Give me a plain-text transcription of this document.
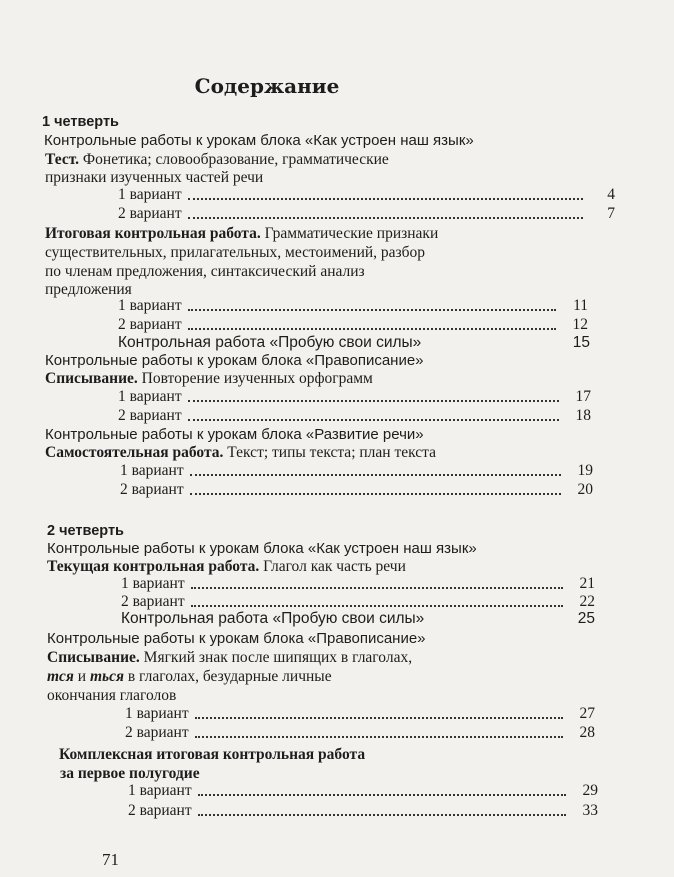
Содержание
1 четверть
Контрольные работы к урокам блока «Как устроен наш язык»
Тест. Фонетика; словообразование, грамматические
признаки изученных частей речи
1 вариант	4
2 вариант	7
Итоговая контрольная работа. Грамматические признаки
существительных, прилагательных, местоимений, разбор
по членам предложения, синтаксический анализ
предложения
1 вариант	11
2 вариант	12
Контрольная работа «Пробую свои силы»	15
Контрольные работы к урокам блока «Правописание»
Списывание. Повторение изученных орфограмм
1 вариант	17
2 вариант	18
Контрольные работы к урокам блока «Развитие речи»
Самостоятельная работа. Текст; типы текста; план текста
1 вариант	19
2 вариант	20
2 четверть
Контрольные работы к урокам блока «Как устроен наш язык»
Текущая контрольная работа. Глагол как часть речи
1 вариант	21
2 вариант	22
Контрольная работа «Пробую свои силы»	25
Контрольные работы к урокам блока «Правописание»
Списывание. Мягкий знак после шипящих в глаголах,
тся и ться в глаголах, безударные личные
окончания глаголов
1 вариант	27
2 вариант	28
Комплексная итоговая контрольная работа
за первое полугодие
1 вариант	29
2 вариант	33
71
